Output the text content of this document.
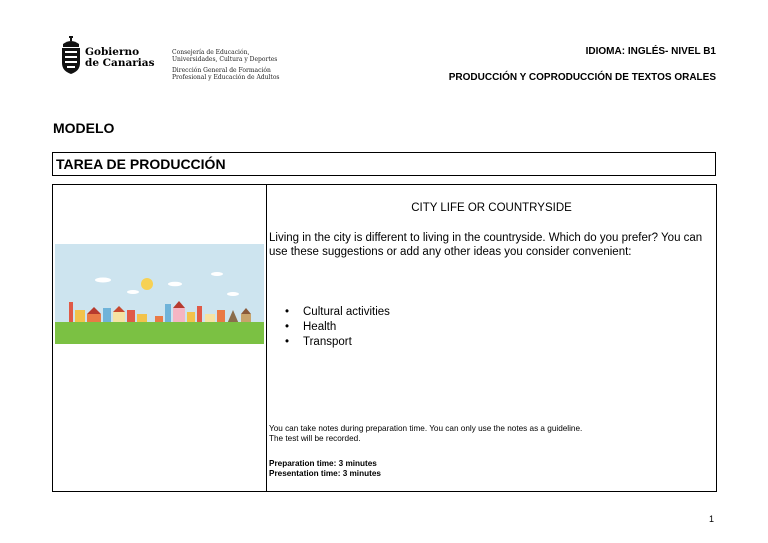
Gobierno
de Canarias
Consejería de Educación,
Universidades, Cultura y Deportes
Dirección General de Formación
Profesional y Educación de Adultos
IDIOMA: INGLÉS- NIVEL B1
PRODUCCIÓN Y COPRODUCCIÓN DE TEXTOS ORALES
MODELO
TAREA DE PRODUCCIÓN
CITY LIFE OR COUNTRYSIDE
Living in the city is different to living in the countryside. Which do you prefer? You can use these suggestions or add any other ideas you consider convenient:
• Cultural activities
• Health
• Transport
You can take notes during preparation time. You can only use the notes as a guideline.
The test will be recorded.
Preparation time: 3 minutes
Presentation time: 3 minutes
1
